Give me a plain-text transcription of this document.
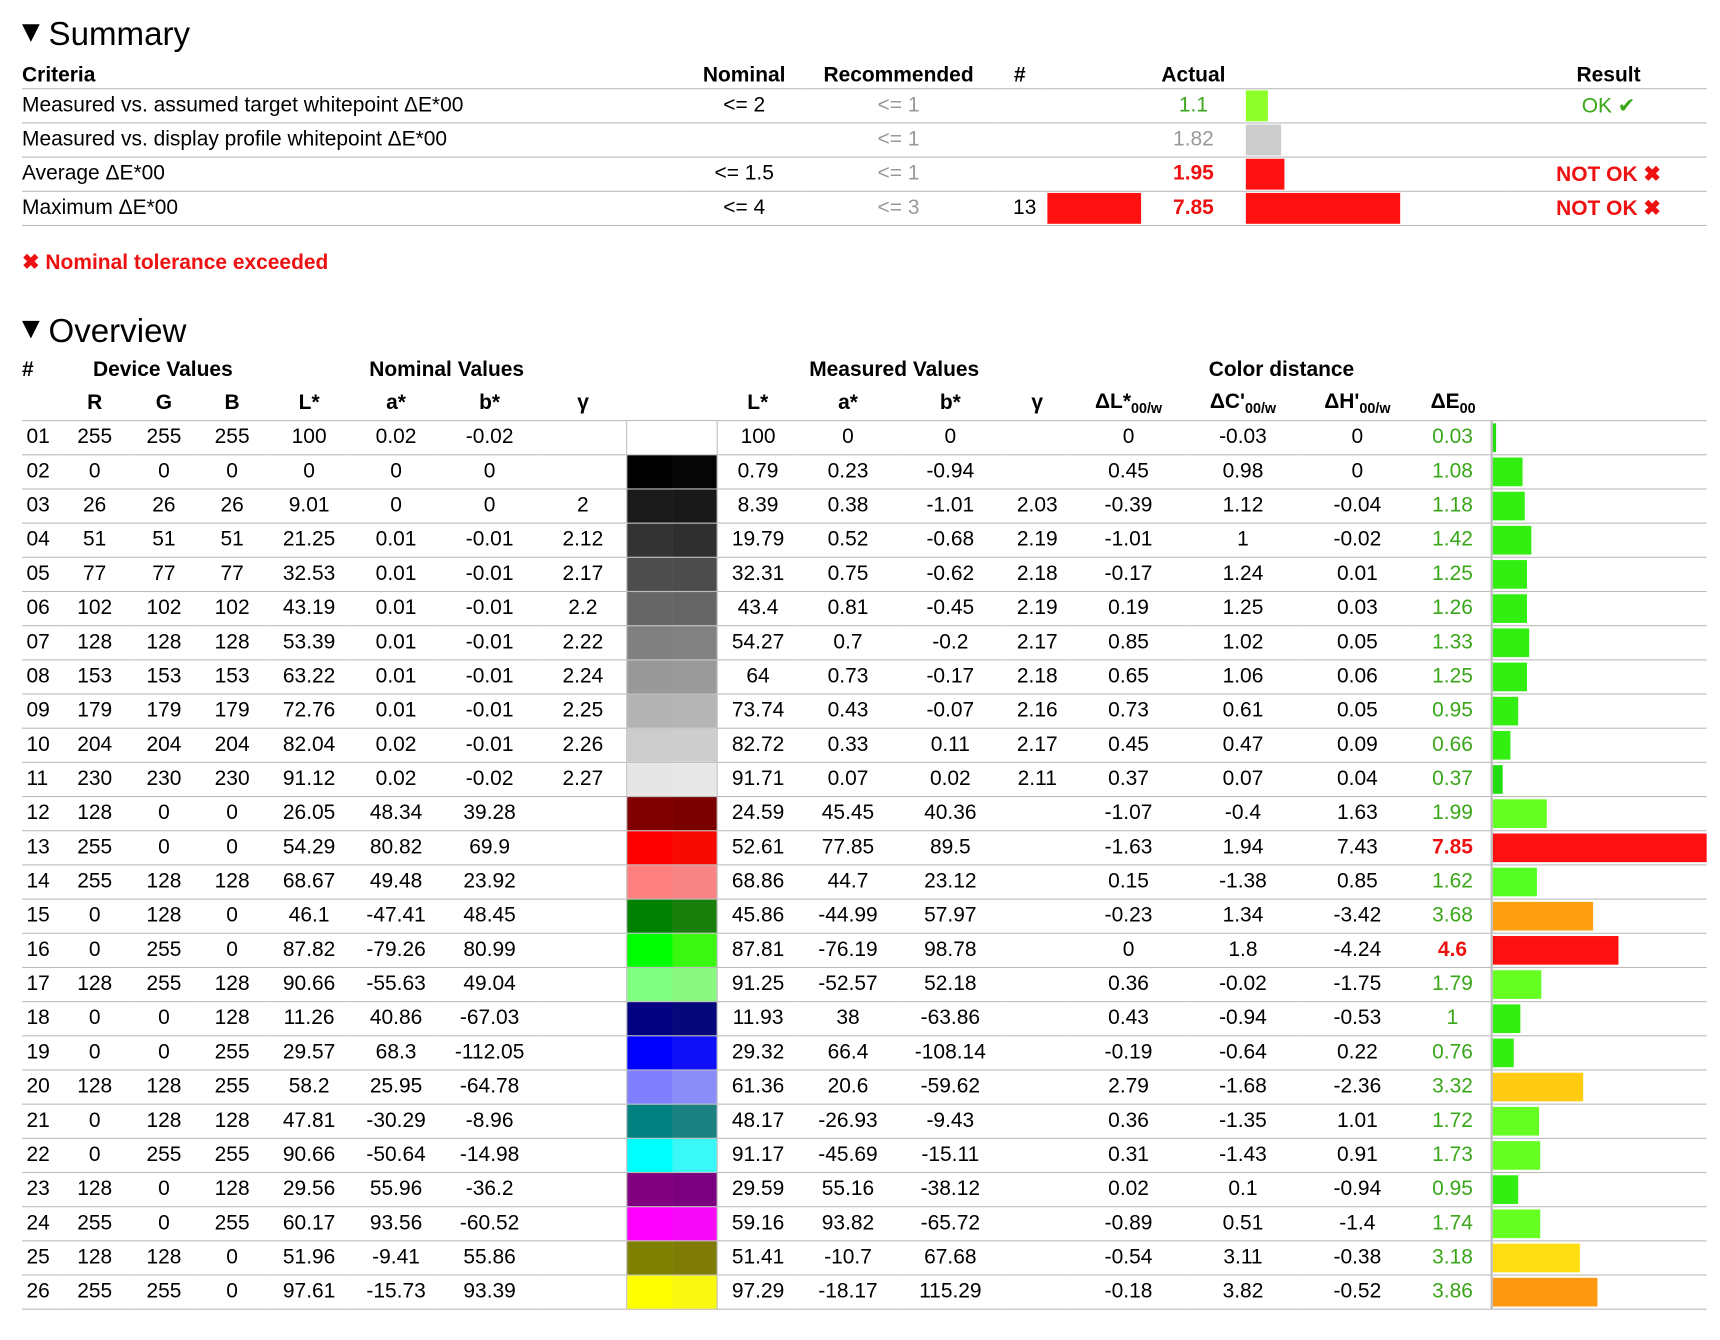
Summary
Criteria	Nominal	Recommended	#		Actual			Result
Measured vs. assumed target whitepoint ΔE*00	<= 2	<= 1			1.1			OK ✔
Measured vs. display profile whitepoint ΔE*00		<= 1			1.82	

Average ΔE*00	<= 1.5	<= 1			1.95			NOT OK ✖
Maximum ΔE*00	<= 4	<= 3	13		7.85			NOT OK ✖
✖ Nominal tolerance exceeded
Overview
#	Device Values			Nominal Values					Measured Values				Color distance				
	R	G	B	L*	a*	b*	γ		L*	a*	b*	γ	$\Delta L*_{00/w}$	$\Delta C'_{00/w}$	$\Delta H'_{00/w}$	$\Delta E_{00}$	
01	255	255	255	100	0.02	-0.02			100	0	0		0	-0.03	0	0.03	

02	0	0	0	0	0	0			0.79	0.23	-0.94		0.45	0.98	0	1.08	

03	26	26	26	9.01	0	0	2		8.39	0.38	-1.01	2.03	-0.39	1.12	-0.04	1.18	

04	51	51	51	21.25	0.01	-0.01	2.12		19.79	0.52	-0.68	2.19	-1.01	1	-0.02	1.42	

05	77	77	77	32.53	0.01	-0.01	2.17		32.31	0.75	-0.62	2.18	-0.17	1.24	0.01	1.25	

06	102	102	102	43.19	0.01	-0.01	2.2		43.4	0.81	-0.45	2.19	0.19	1.25	0.03	1.26	

07	128	128	128	53.39	0.01	-0.01	2.22		54.27	0.7	-0.2	2.17	0.85	1.02	0.05	1.33	

08	153	153	153	63.22	0.01	-0.01	2.24		64	0.73	-0.17	2.18	0.65	1.06	0.06	1.25	

09	179	179	179	72.76	0.01	-0.01	2.25		73.74	0.43	-0.07	2.16	0.73	0.61	0.05	0.95	

10	204	204	204	82.04	0.02	-0.01	2.26		82.72	0.33	0.11	2.17	0.45	0.47	0.09	0.66	

11	230	230	230	91.12	0.02	-0.02	2.27		91.71	0.07	0.02	2.11	0.37	0.07	0.04	0.37	

12	128	0	0	26.05	48.34	39.28			24.59	45.45	40.36		-1.07	-0.4	1.63	1.99	

13	255	0	0	54.29	80.82	69.9			52.61	77.85	89.5		-1.63	1.94	7.43	7.85	

14	255	128	128	68.67	49.48	23.92			68.86	44.7	23.12		0.15	-1.38	0.85	1.62	

15	0	128	0	46.1	-47.41	48.45			45.86	-44.99	57.97		-0.23	1.34	-3.42	3.68	

16	0	255	0	87.82	-79.26	80.99			87.81	-76.19	98.78		0	1.8	-4.24	4.6	

17	128	255	128	90.66	-55.63	49.04			91.25	-52.57	52.18		0.36	-0.02	-1.75	1.79	

18	0	0	128	11.26	40.86	-67.03			11.93	38	-63.86		0.43	-0.94	-0.53	1	

19	0	0	255	29.57	68.3	-112.05			29.32	66.4	-108.14		-0.19	-0.64	0.22	0.76	

20	128	128	255	58.2	25.95	-64.78			61.36	20.6	-59.62		2.79	-1.68	-2.36	3.32	

21	0	128	128	47.81	-30.29	-8.96			48.17	-26.93	-9.43		0.36	-1.35	1.01	1.72	

22	0	255	255	90.66	-50.64	-14.98			91.17	-45.69	-15.11		0.31	-1.43	0.91	1.73	

23	128	0	128	29.56	55.96	-36.2			29.59	55.16	-38.12		0.02	0.1	-0.94	0.95	

24	255	0	255	60.17	93.56	-60.52			59.16	93.82	-65.72		-0.89	0.51	-1.4	1.74	

25	128	128	0	51.96	-9.41	55.86			51.41	-10.7	67.68		-0.54	3.11	-0.38	3.18	

26	255	255	0	97.61	-15.73	93.39			97.29	-18.17	115.29		-0.18	3.82	-0.52	3.86	
